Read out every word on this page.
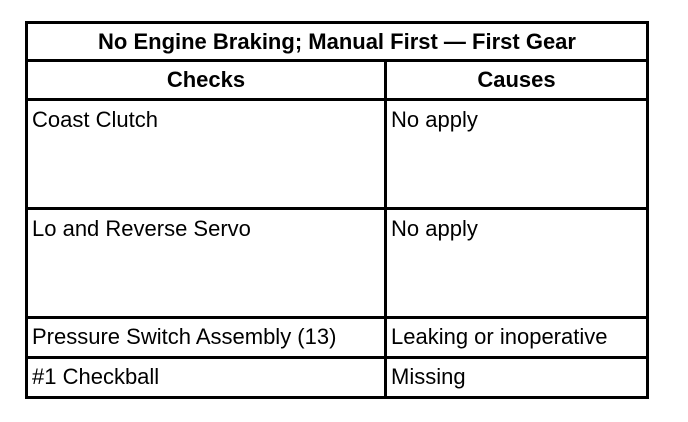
No Engine Braking; Manual First — First Gear	
Checks	Causes
Coast Clutch	No apply
Lo and Reverse Servo	No apply
Pressure Switch Assembly (13)	Leaking or inoperative
#1 Checkball	Missing
